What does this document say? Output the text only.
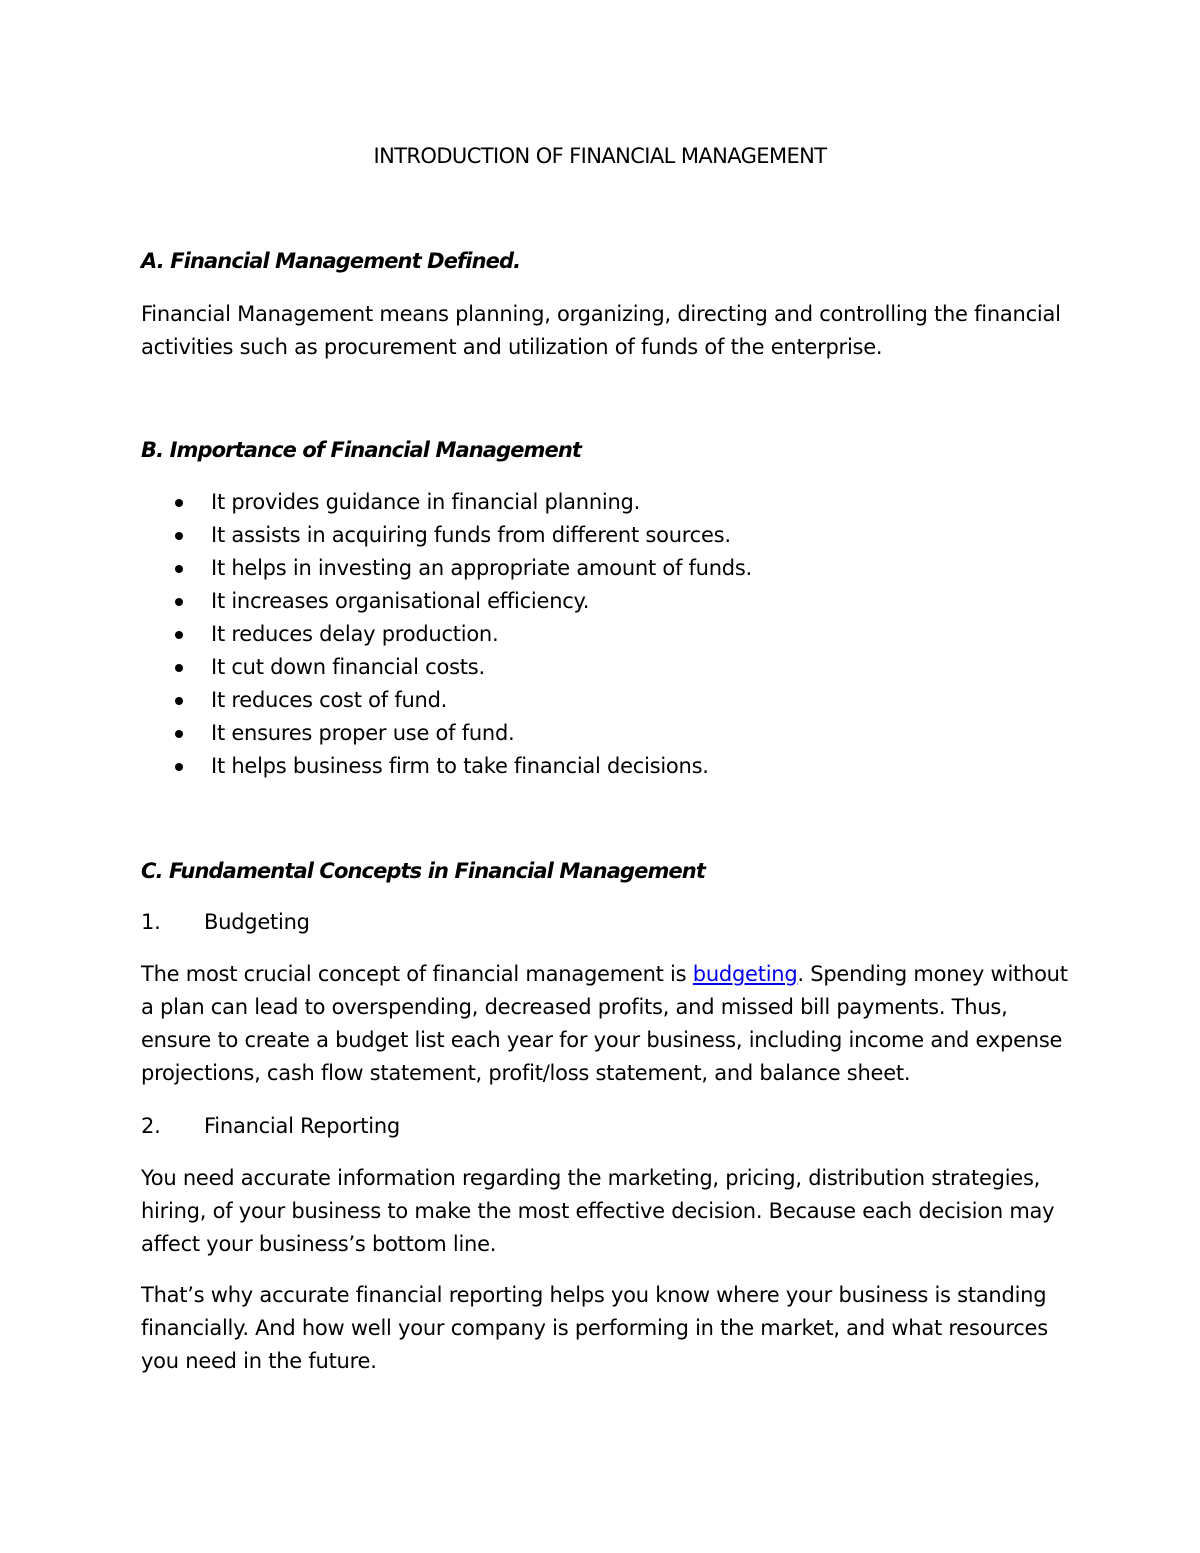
INTRODUCTION OF FINANCIAL MANAGEMENT
A. Financial Management Defined.

Financial Management means planning, organizing, directing and controlling the financial activities such as procurement and utilization of funds of the enterprise.

B. Importance of Financial Management
It provides guidance in financial planning.
It assists in acquiring funds from different sources.
It helps in investing an appropriate amount of funds.
It increases organisational efficiency.
It reduces delay production.
It cut down financial costs.
It reduces cost of fund.
It ensures proper use of fund.
It helps business firm to take financial decisions.
C. Fundamental Concepts in Financial Management
1. Budgeting

The most crucial concept of financial management is budgeting. Spending money without a plan can lead to overspending, decreased profits, and missed bill payments. Thus, ensure to create a budget list each year for your business, including income and expense projections, cash flow statement, profit/loss statement, and balance sheet.

2. Financial Reporting

You need accurate information regarding the marketing, pricing, distribution strategies, hiring, of your business to make the most effective decision. Because each decision may affect your business’s bottom line.

That’s why accurate financial reporting helps you know where your business is standing financially. And how well your company is performing in the market, and what resources you need in the future.
